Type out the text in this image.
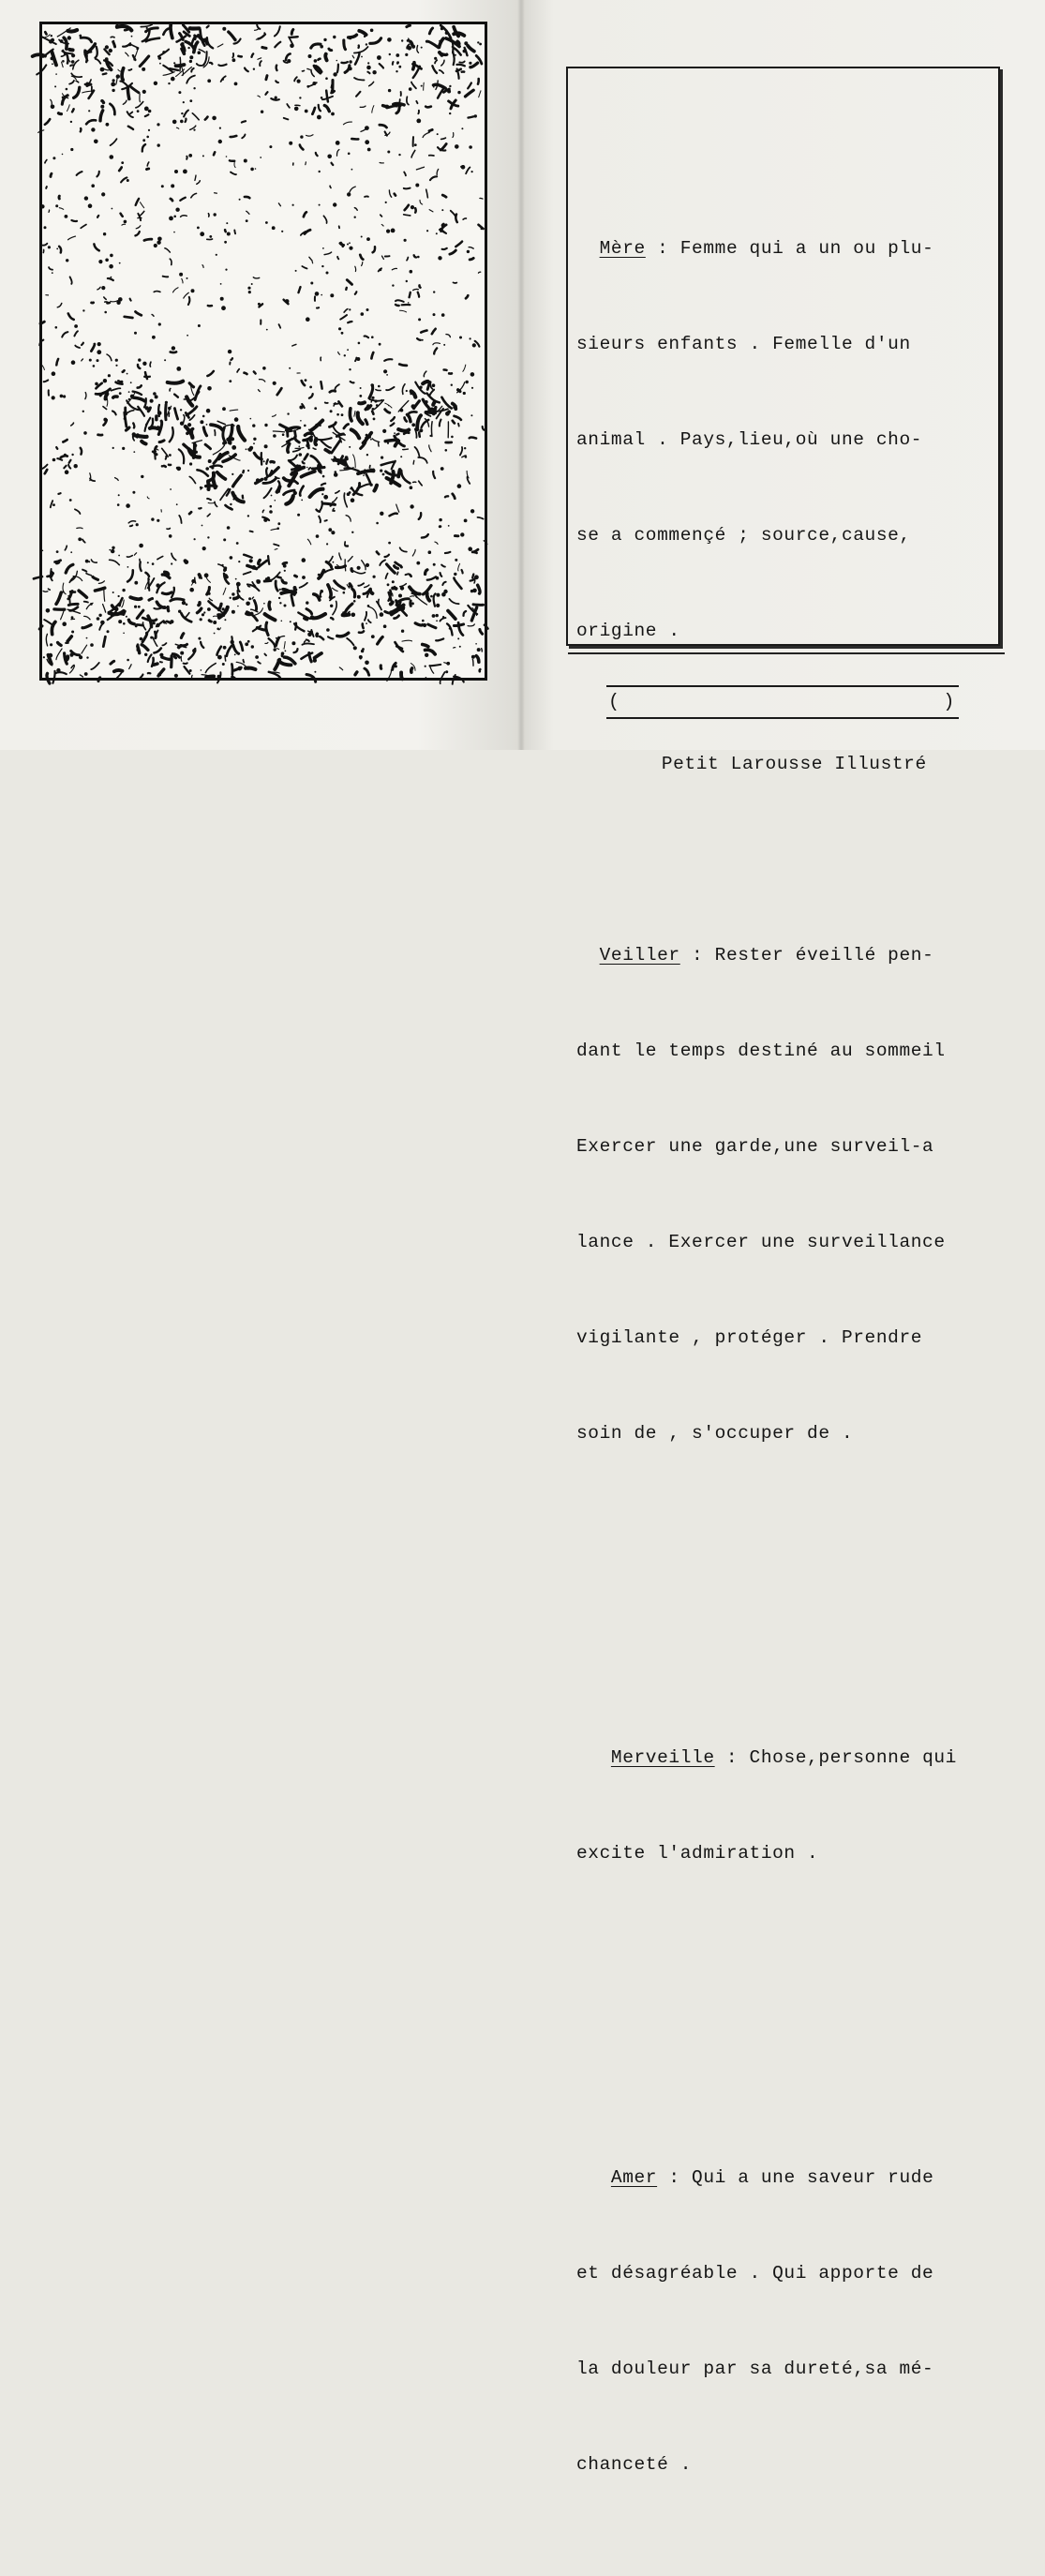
Mère : Femme qui a un ou plu-

sieurs enfants . Femelle d'un

animal . Pays,lieu,où une cho-

se a commençé ; source,cause,

origine .

Veiller : Rester éveillé pen-

dant le temps destiné au sommeil

Exercer une garde,une surveil-a

lance . Exercer une surveillance

vigilante , protéger . Prendre

soin de , s'occuper de .

Merveille : Chose,personne qui

excite l'admiration .

Amer : Qui a une saveur rude

et désagréable . Qui apporte de

la douleur par sa dureté,sa mé-

chanceté .

(

Petit Larousse Illustré

)
